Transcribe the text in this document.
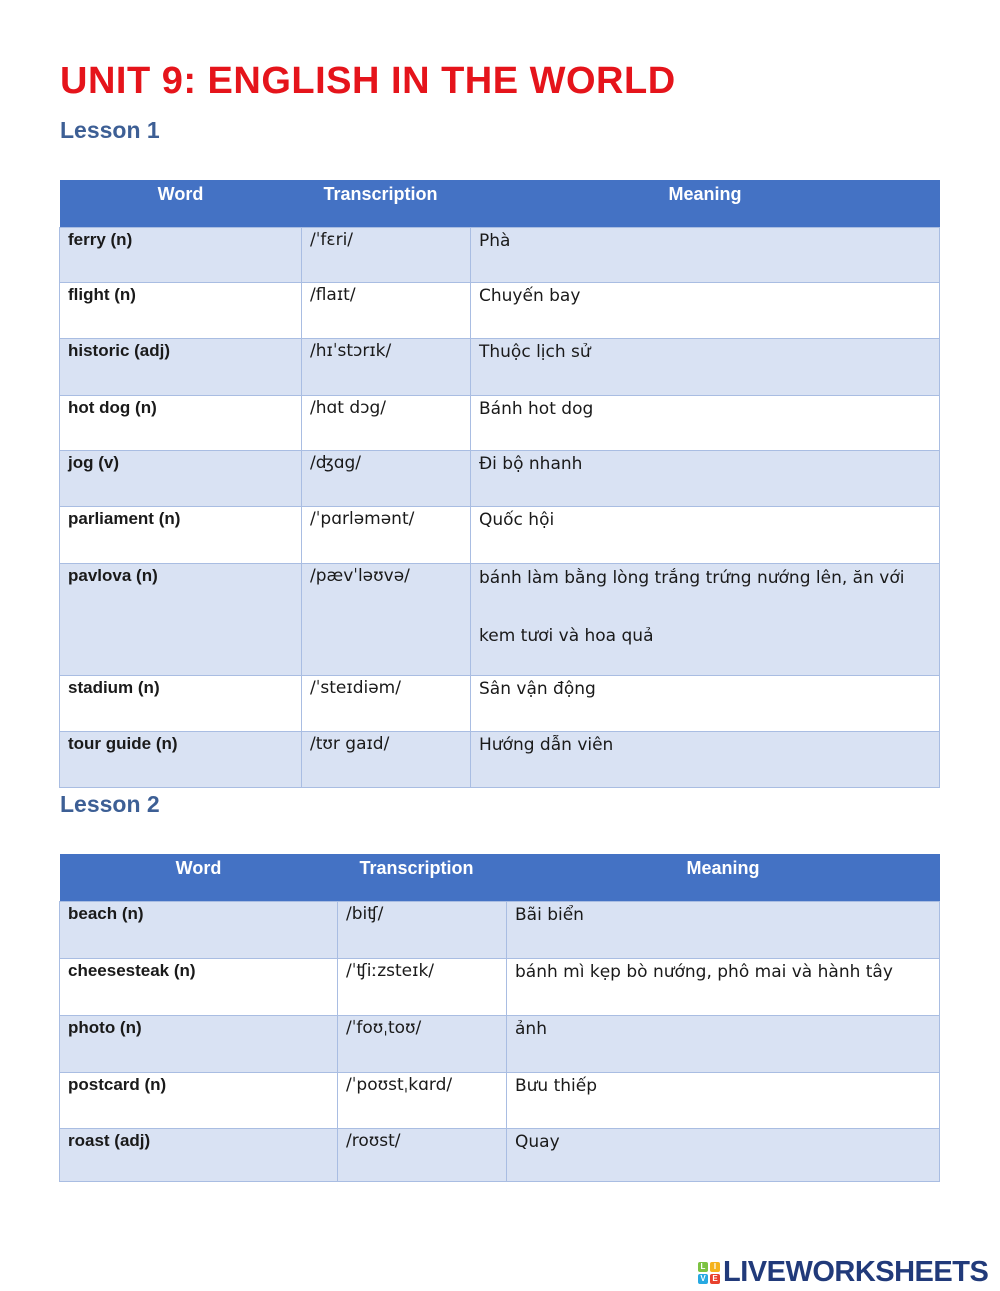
UNIT 9: ENGLISH IN THE WORLD
Lesson 1
Word	Transcription	Meaning
ferry (n)	/ˈfɛri/	Phà
flight (n)	/flaɪt/	Chuyến bay
historic (adj)	/hɪˈstɔrɪk/	Thuộc lịch sử
hot dog (n)	/hɑt dɔg/	Bánh hot dog
jog (v)	/ʤɑg/	Đi bộ nhanh
parliament (n)	/ˈpɑrləmənt/	Quốc hội
pavlova (n)	/pævˈləʊvə/	bánh làm bằng lòng trắng trứng nướng lên, ăn với kem tươi và hoa quả

stadium (n)	/ˈsteɪdiəm/	Sân vận động
tour guide (n)	/tʊr gaɪd/	Hướng dẫn viên
Lesson 2
Word	Transcription	Meaning
beach (n)	/biʧ/	Bãi biển
cheesesteak (n)	/ˈʧiːzsteɪk/	bánh mì kẹp bò nướng, phô mai và hành tây
photo (n)	/ˈfoʊˌtoʊ/	ảnh
postcard (n)	/ˈpoʊstˌkɑrd/	Bưu thiếp
roast (adj)	/roʊst/	Quay
L	I
V E LIVEWORKSHEETS
